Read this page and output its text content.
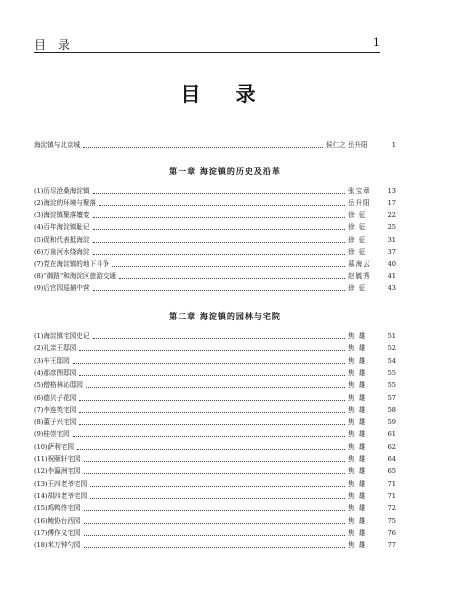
目 录	1
目 录
海淀镇与北京城	侯仁之 岳升阳	1
第一章 海淀镇的历史及沿革
(1)历尽沧桑海淀镇	张宝章	13
(2)海淀的环境与聚落	岳升阳	17
(3)海淀镇聚落嬗变	徐 征	22
(4)百年海淀镇耻记	徐 征	25
(5)促和代表抵海淀	徐 征	31
(6)万泉河水绕海淀	徐 征	37
(7)党在海淀镇的地下斗争	慕海云	40
(8)“御路”和海淀区旅游交通	赵毓秀	41
(9)后官园巡捕中营	徐 征	43
第二章 海淀镇的园林与宅院
(1)海淀镇宅园史记	焦 雄	51
(2)礼亲王邸园	焦 雄	52
(3)车王邸园	焦 雄	54
(4)那彦图邸园	焦 雄	55
(5)僧格林沁邸园	焦 雄	55
(6)德贝子花园	焦 雄	57
(7)李连英宅园	焦 雄	58
(8)董子兴宅园	焦 雄	59
(9)桂崇宅园	焦 雄	61
(10)萨利宅园	焦 雄	62
(11)祝颐轩宅园	焦 雄	64
(12)李瀛洲宅园	焦 雄	65
(13)王四老爷宅园	焦 雄	71
(14)胡四老爷宅园	焦 雄	71
(15)鸡鸭佟宅园	焦 雄	72
(16)鲍协台西园	焦 雄	75
(17)傅作义宅园	焦 雄	76
(18)米万钟勺园	焦 雄	77
